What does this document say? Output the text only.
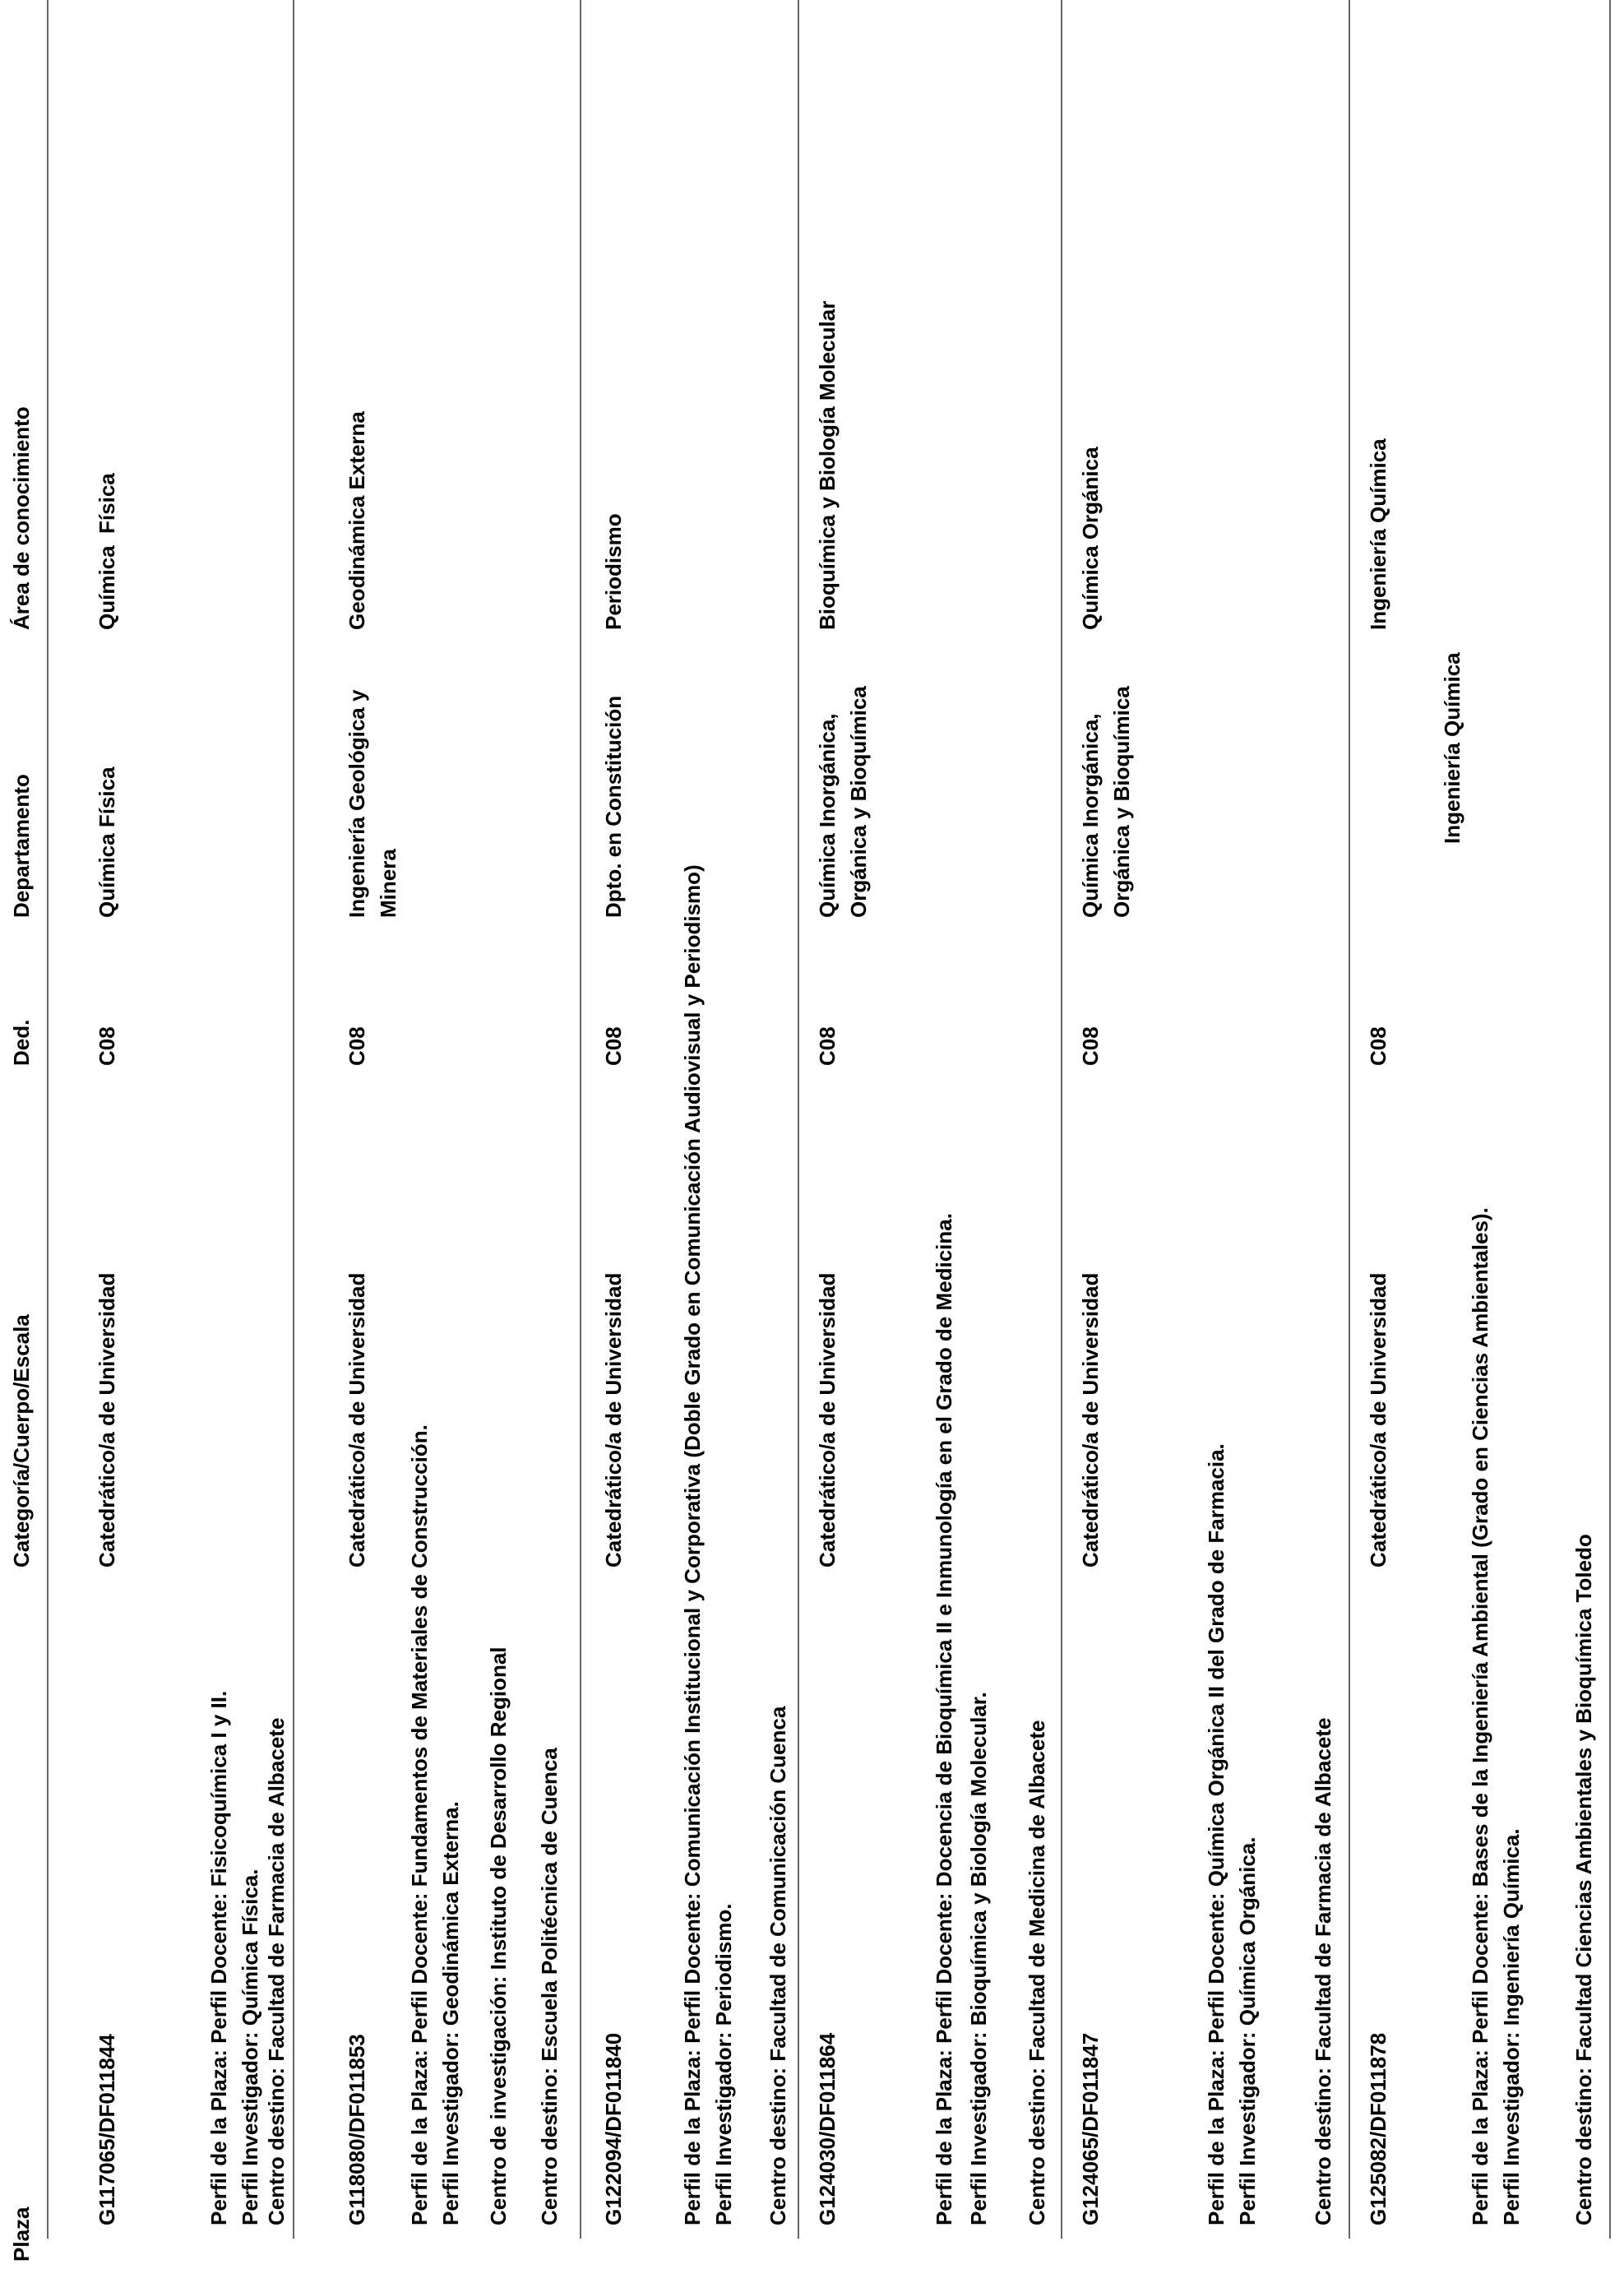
Plaza
Categoría/Cuerpo/Escala
Ded.
Departamento
Área de conocimiento
G117065/DF011844
Catedrático/a de Universidad
C08
Química Física
Química  Física
Perfil de la Plaza: Perfil Docente: Fisicoquímica I y II. Perfil Investigador: Química Física. Centro destino: Facultad de Farmacia de Albacete	G118080/DF011853
Catedrático/a de Universidad
C08
Ingeniería Geológica y Minera
Geodinámica Externa
Perfil de la Plaza: Perfil Docente: Fundamentos de Materiales de Construcción. Perfil Investigador: Geodinámica Externa. Centro de investigación: Instituto de Desarrollo Regional Centro destino: Escuela Politécnica de Cuenca G122094/DF011840
Catedrático/a de Universidad
C08
Dpto. en Constitución
Periodismo
Perfil de la Plaza: Perfil Docente: Comunicación Institucional y Corporativa (Doble Grado en Comunicación Audiovisual y Periodismo) Perfil Investigador: Periodismo. Centro destino: Facultad de Comunicación Cuenca G124030/DF011864
Catedrático/a de Universidad
C08
Química Inorgánica, Orgánica y Bioquímica
Bioquímica y Biología Molecular
Perfil de la Plaza: Perfil Docente: Docencia de Bioquímica II e Inmunología en el Grado de Medicina. Perfil Investigador: Bioquímica y Biología Molecular. Centro destino: Facultad de Medicina de Albacete G124065/DF011847
Catedrático/a de Universidad
C08
Química Inorgánica, Orgánica y Bioquímica
Química Orgánica
Perfil de la Plaza: Perfil Docente: Química Orgánica II del Grado de Farmacia. Perfil Investigador: Química Orgánica. Centro destino: Facultad de Farmacia de Albacete G125082/DF011878
Catedrático/a de Universidad
C08
Ingeniería Química
Ingeniería Química
Perfil de la Plaza: Perfil Docente: Bases de la Ingeniería Ambiental (Grado en Ciencias Ambientales). Perfil Investigador: Ingeniería Química. Centro destino: Facultad Ciencias Ambientales y Bioquímica Toledo
